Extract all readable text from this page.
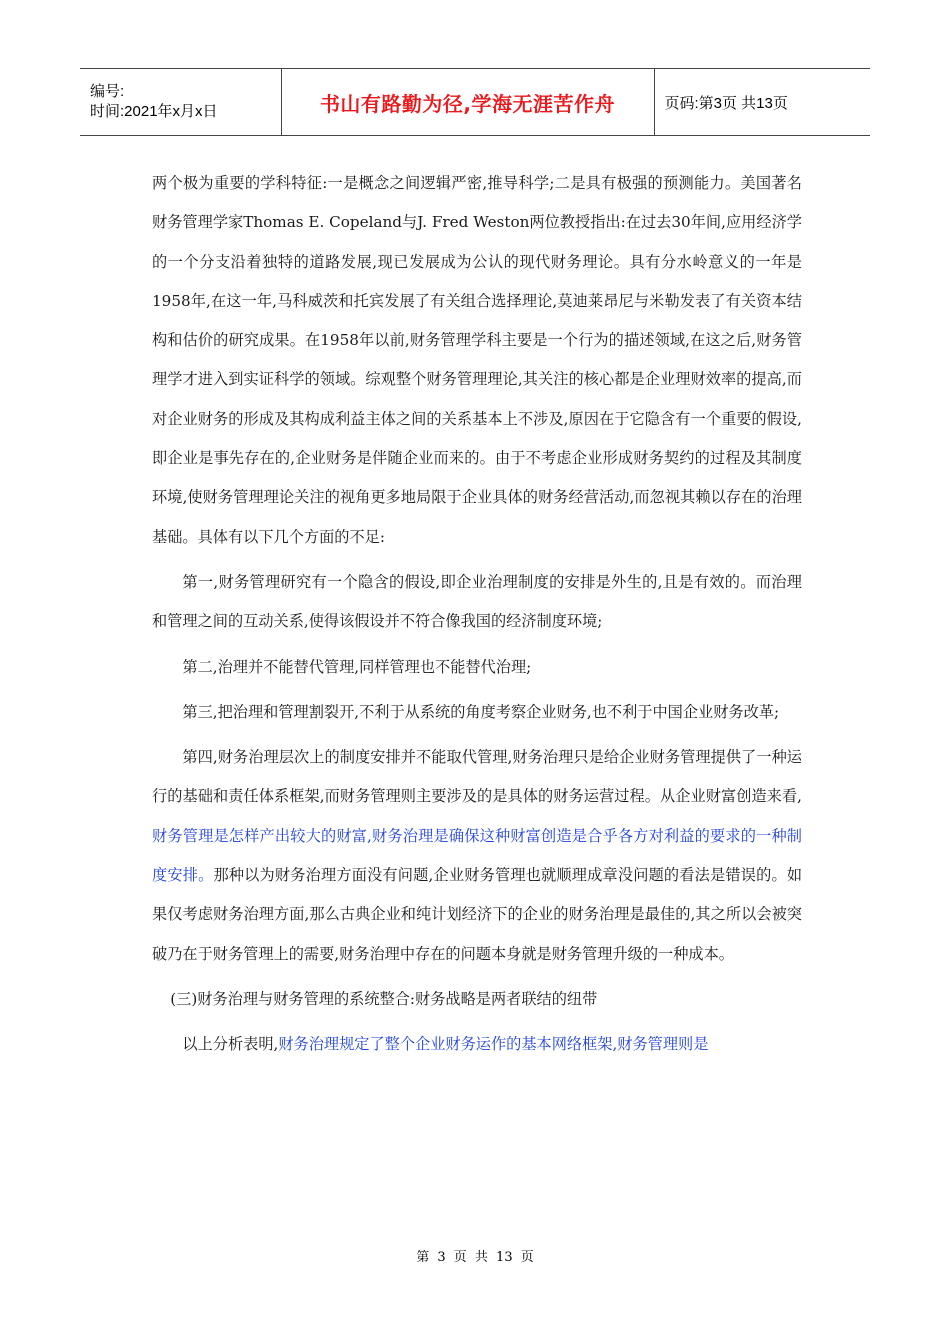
编号:
时间:2021年x月x日	书山有路勤为径,学海无涯苦作舟	页码:第3页 共13页

两个极为重要的学科特征:一是概念之间逻辑严密,推导科学;二是具有极强的预测能力。美国著名财务管理学家Thomas E. Copeland与J. Fred Weston两位教授指出:在过去30年间,应用经济学的一个分支沿着独特的道路发展,现已发展成为公认的现代财务理论。具有分水岭意义的一年是1958年,在这一年,马科威茨和托宾发展了有关组合选择理论,莫迪莱昂尼与米勒发表了有关资本结构和估价的研究成果。在1958年以前,财务管理学科主要是一个行为的描述领域,在这之后,财务管理学才进入到实证科学的领域。综观整个财务管理理论,其关注的核心都是企业理财效率的提高,而对企业财务的形成及其构成利益主体之间的关系基本上不涉及,原因在于它隐含有一个重要的假设,即企业是事先存在的,企业财务是伴随企业而来的。由于不考虑企业形成财务契约的过程及其制度环境,使财务管理理论关注的视角更多地局限于企业具体的财务经营活动,而忽视其赖以存在的治理基础。具体有以下几个方面的不足:

第一,财务管理研究有一个隐含的假设,即企业治理制度的安排是外生的,且是有效的。而治理和管理之间的互动关系,使得该假设并不符合像我国的经济制度环境;

第二,治理并不能替代管理,同样管理也不能替代治理;

第三,把治理和管理割裂开,不利于从系统的角度考察企业财务,也不利于中国企业财务改革;

第四,财务治理层次上的制度安排并不能取代管理,财务治理只是给企业财务管理提供了一种运行的基础和责任体系框架,而财务管理则主要涉及的是具体的财务运营过程。从企业财富创造来看,财务管理是怎样产出较大的财富,财务治理是确保这种财富创造是合乎各方对利益的要求的一种制度安排。那种以为财务治理方面没有问题,企业财务管理也就顺理成章没问题的看法是错误的。如果仅考虑财务治理方面,那么古典企业和纯计划经济下的企业的财务治理是最佳的,其之所以会被突破乃在于财务管理上的需要,财务治理中存在的问题本身就是财务管理升级的一种成本。

(三)财务治理与财务管理的系统整合:财务战略是两者联结的纽带

以上分析表明,财务治理规定了整个企业财务运作的基本网络框架,财务管理则是

第 3 页 共 13 页
